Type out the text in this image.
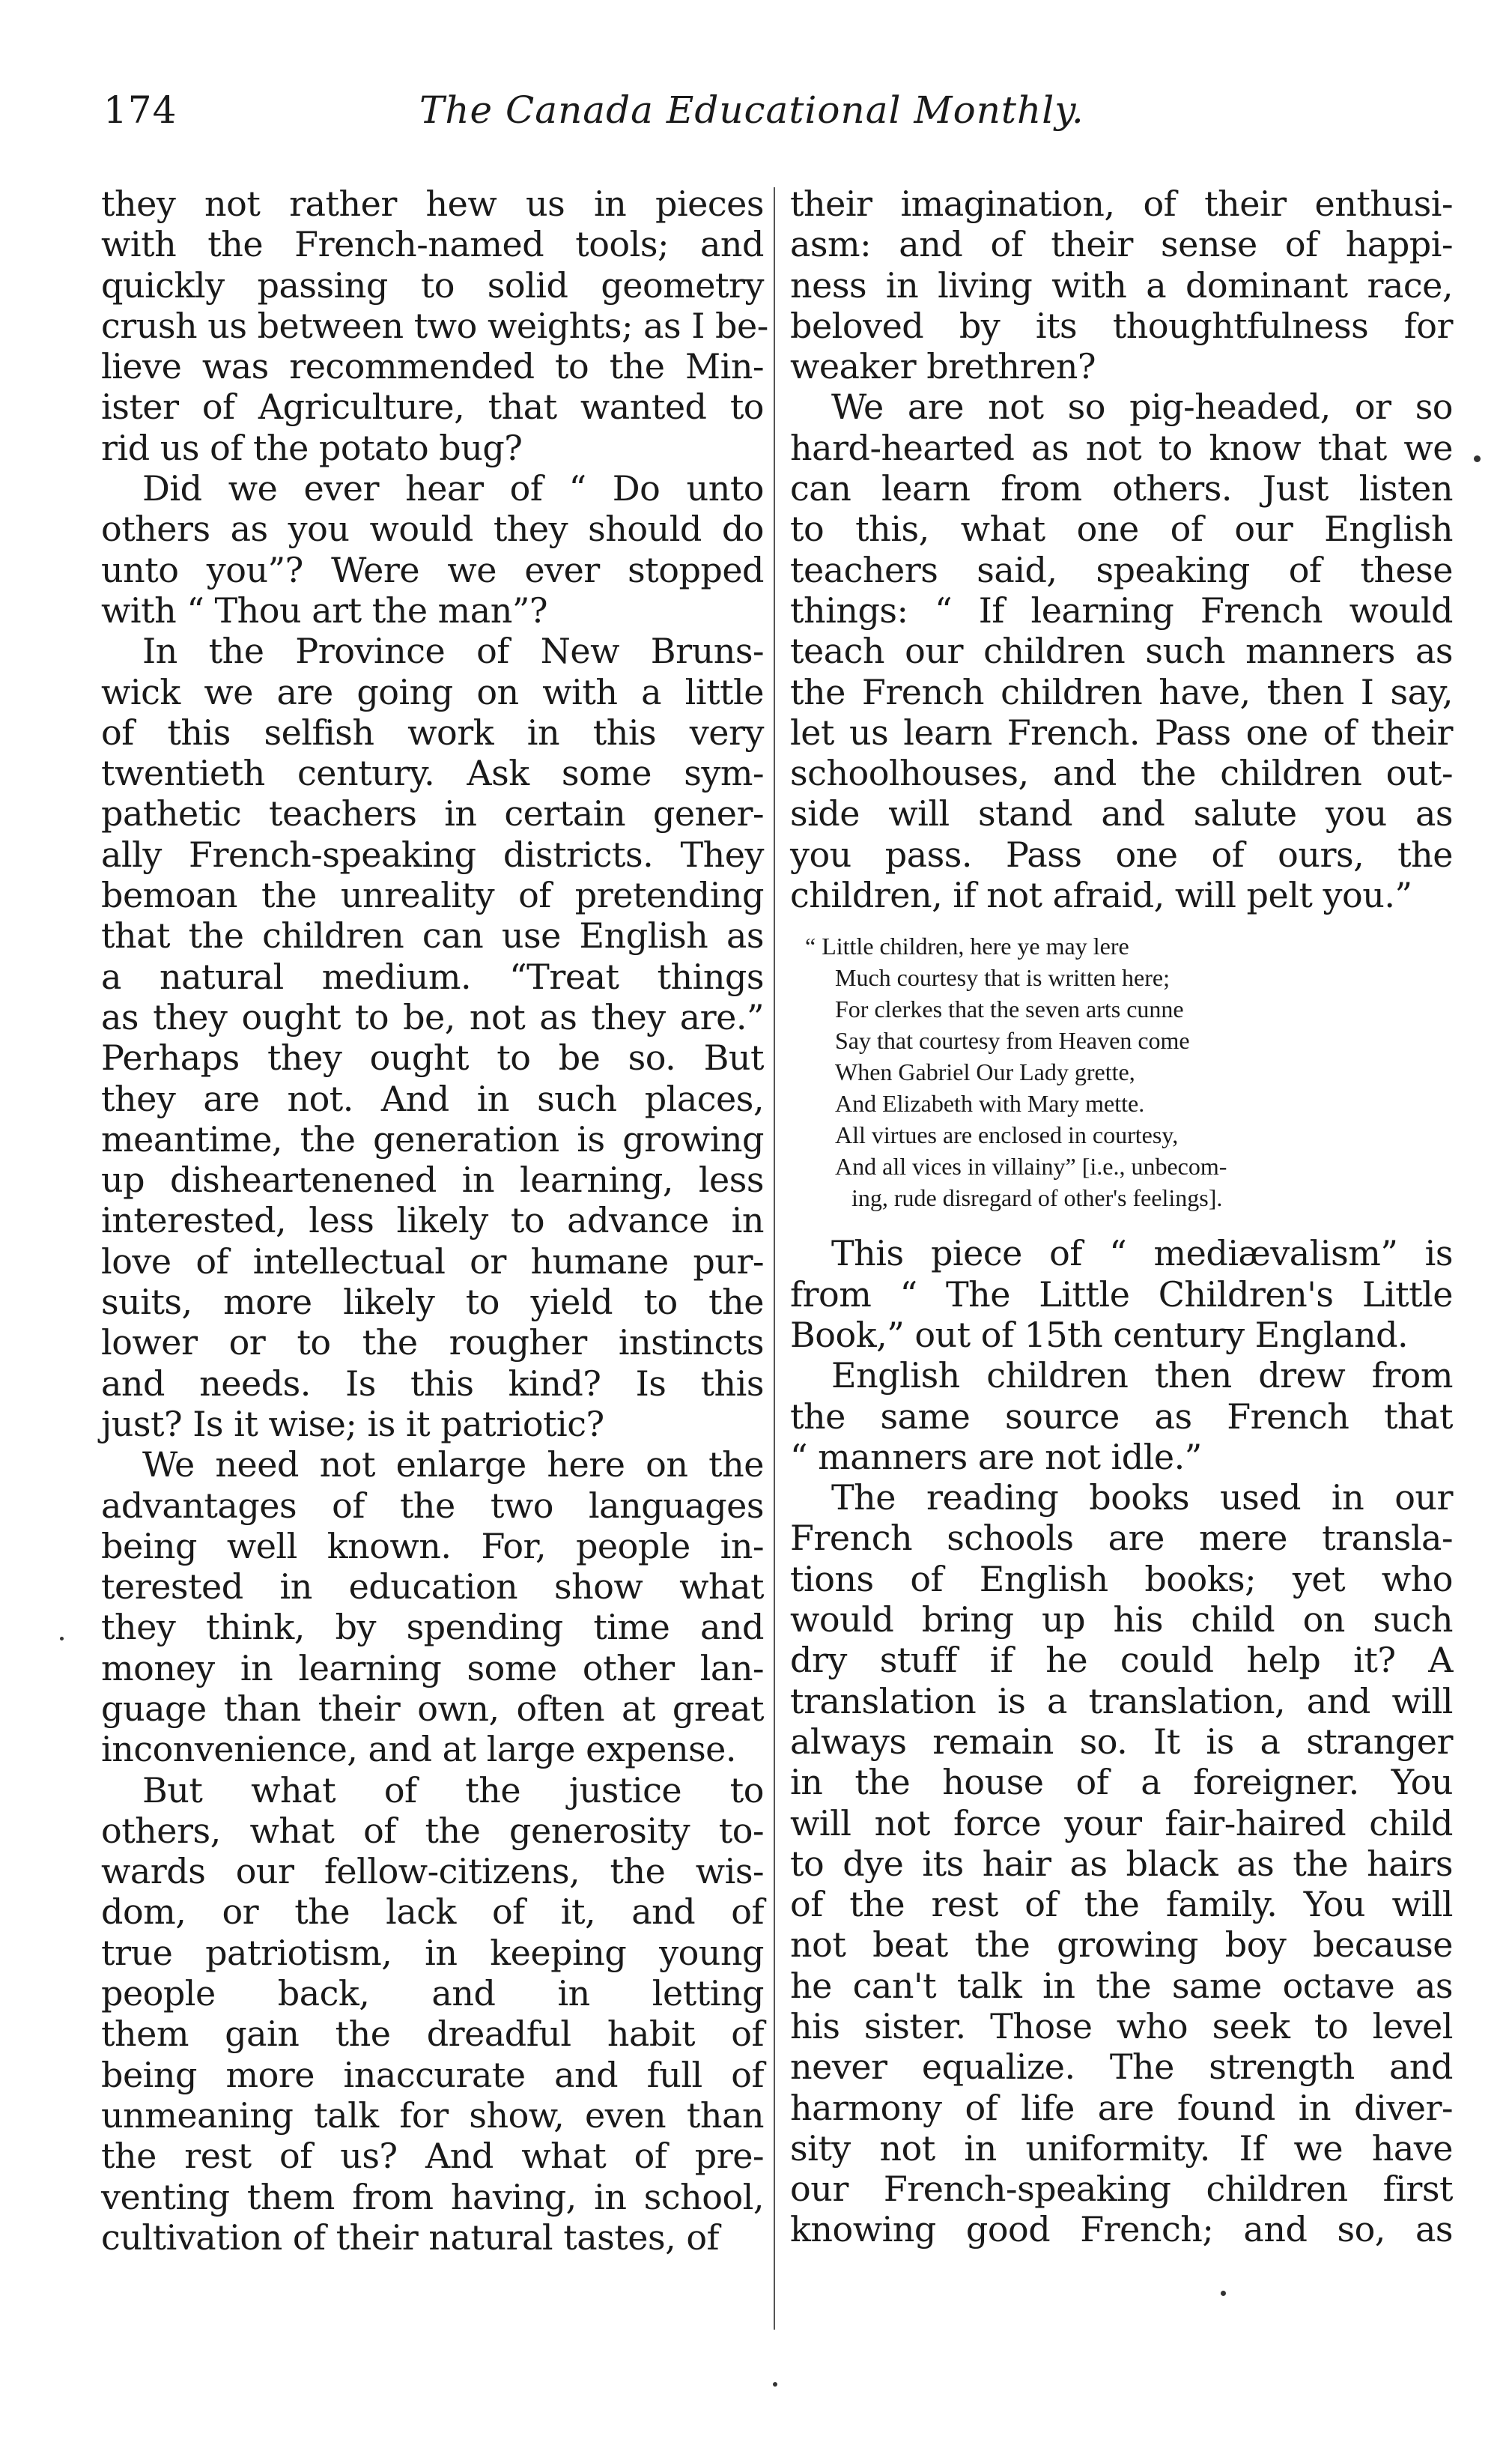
174	The Canada Educational Monthly.
they not rather hew us in pieces
with the French-named tools; and
quickly passing to solid geometry
crush us between two weights; as I be-
lieve was recommended to the Min-
ister of Agriculture, that wanted to
rid us of the potato bug?
Did we ever hear of “ Do unto
others as you would they should do
unto you”? Were we ever stopped
with “ Thou art the man”?
In the Province of New Bruns-
wick we are going on with a little
of this selfish work in this very
twentieth century. Ask some sym-
pathetic teachers in certain gener-
ally French-speaking districts. They
bemoan the unreality of pretending
that the children can use English as
a natural medium. “Treat things
as they ought to be, not as they are.”
Perhaps they ought to be so. But
they are not. And in such places,
meantime, the generation is growing
up disheartenened in learning, less
interested, less likely to advance in
love of intellectual or humane pur-
suits, more likely to yield to the
lower or to the rougher instincts
and needs. Is this kind? Is this
just? Is it wise; is it patriotic?
We need not enlarge here on the
advantages of the two languages
being well known. For, people in-
terested in education show what
they think, by spending time and
money in learning some other lan-
guage than their own, often at great
inconvenience, and at large expense.
But what of the justice to
others, what of the generosity to-
wards our fellow-citizens, the wis-
dom, or the lack of it, and of
true patriotism, in keeping young
people back, and in letting
them gain the dreadful habit of
being more inaccurate and full of
unmeaning talk for show, even than
the rest of us? And what of pre-
venting them from having, in school,
cultivation of their natural tastes, of
their imagination, of their enthusi-
asm: and of their sense of happi-
ness in living with a dominant race,
beloved by its thoughtfulness for
weaker brethren?
We are not so pig-headed, or so
hard-hearted as not to know that we
can learn from others. Just listen
to this, what one of our English
teachers said, speaking of these
things: “ If learning French would
teach our children such manners as
the French children have, then I say,
let us learn French. Pass one of their
schoolhouses, and the children out-
side will stand and salute you as
you pass. Pass one of ours, the
children, if not afraid, will pelt you.”
“ Little children, here ye may lere
Much courtesy that is written here;
For clerkes that the seven arts cunne
Say that courtesy from Heaven come
When Gabriel Our Lady grette,
And Elizabeth with Mary mette.
All virtues are enclosed in courtesy,
And all vices in villainy” [i.e., unbecom-
ing, rude disregard of other's feelings].
This piece of “ mediævalism” is
from “ The Little Children's Little
Book,” out of 15th century England.
English children then drew from
the same source as French that
“ manners are not idle.”
The reading books used in our
French schools are mere transla-
tions of English books; yet who
would bring up his child on such
dry stuff if he could help it? A
translation is a translation, and will
always remain so. It is a stranger
in the house of a foreigner. You
will not force your fair-haired child
to dye its hair as black as the hairs
of the rest of the family. You will
not beat the growing boy because
he can't talk in the same octave as
his sister. Those who seek to level
never equalize. The strength and
harmony of life are found in diver-
sity not in uniformity. If we have
our French-speaking children first
knowing good French; and so, as
